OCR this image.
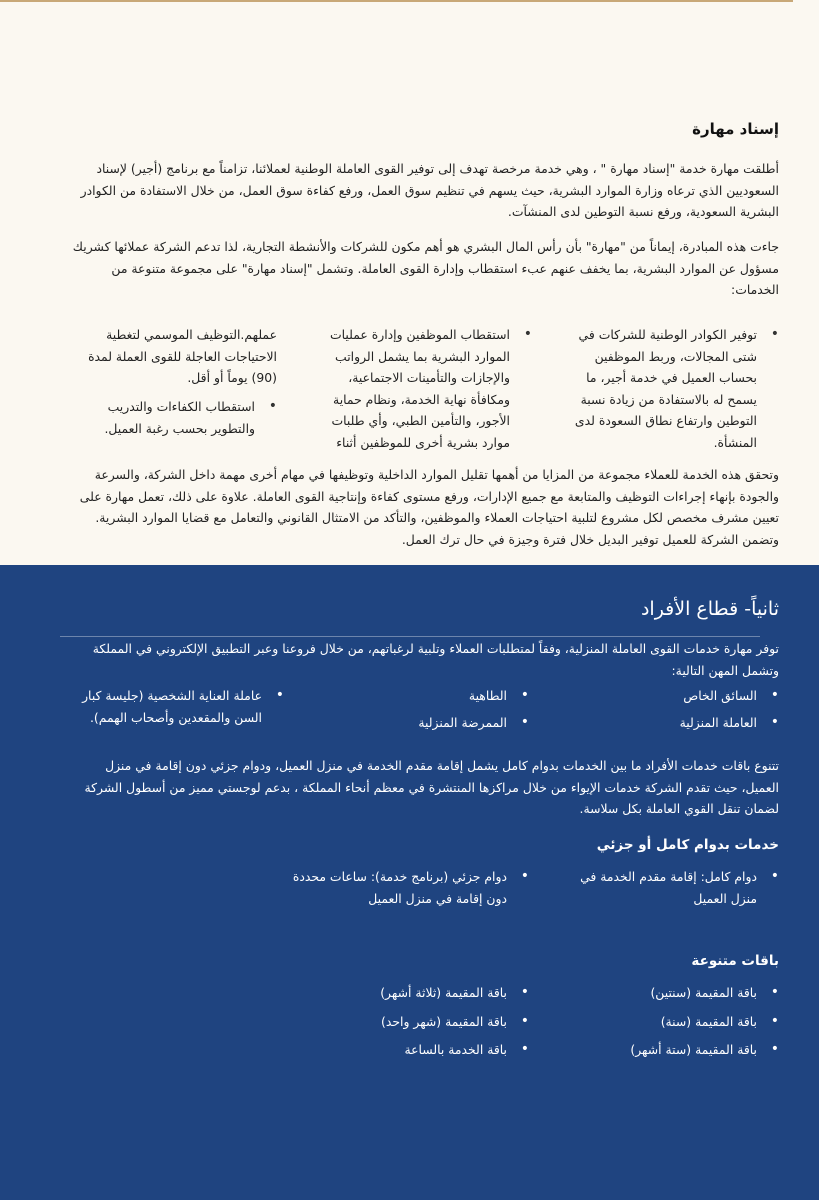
إسناد مهارة
أطلقت مهارة خدمة "إسناد مهارة " ، وهي خدمة مرخصة تهدف إلى توفير القوى العاملة الوطنية لعملائنا، تزامناً مع برنامج (أجير) لإسناد السعوديين الذي ترعاه وزارة الموارد البشرية، حيث يسهم في تنظيم سوق العمل، ورفع كفاءة سوق العمل، من خلال الاستفادة من الكوادر البشرية السعودية، ورفع نسبة التوطين لدى المنشآت.
جاءت هذه المبادرة، إيماناً من "مهارة" بأن رأس المال البشري هو أهم مكون للشركات والأنشطة التجارية، لذا تدعم الشركة عملائها كشريك مسؤول عن الموارد البشرية، بما يخفف عنهم عبء استقطاب وإدارة القوى العاملة. وتشمل "إسناد مهارة" على مجموعة متنوعة من الخدمات:
•
توفير الكوادر الوطنية للشركات في شتى المجالات، وربط الموظفين بحساب العميل في خدمة أجير، ما يسمح له بالاستفادة من زيادة نسبة التوطين وارتفاع نطاق السعودة لدى المنشأة.
•
استقطاب الموظفين وإدارة عمليات الموارد البشرية بما يشمل الرواتب والإجازات والتأمينات الاجتماعية، ومكافأة نهاية الخدمة، ونظام حماية الأجور، والتأمين الطبي، وأي طلبات موارد بشرية أخرى للموظفين أثناء
عملهم.التوظيف الموسمي لتغطية الاحتياجات العاجلة للقوى العملة لمدة (90) يوماً أو أقل.
•
استقطاب الكفاءات والتدريب والتطوير بحسب رغبة العميل.
وتحقق هذه الخدمة للعملاء مجموعة من المزايا من أهمها تقليل الموارد الداخلية وتوظيفها في مهام أخرى مهمة داخل الشركة، والسرعة والجودة بإنهاء إجراءات التوظيف والمتابعة مع جميع الإدارات، ورفع مستوى كفاءة وإنتاجية القوى العاملة. علاوة على ذلك، تعمل مهارة على تعيين مشرف مخصص لكل مشروع لتلبية احتياجات العملاء والموظفين، والتأكد من الامتثال القانوني والتعامل مع قضايا الموارد البشرية. وتضمن الشركة للعميل توفير البديل خلال فترة وجيزة في حال ترك العمل.
ثانياً- قطاع الأفراد
توفر مهارة خدمات القوى العاملة المنزلية، وفقاً لمتطلبات العملاء وتلبية لرغباتهم، من خلال فروعنا وعبر التطبيق الإلكتروني في المملكة وتشمل المهن التالية:
•
السائق الخاص
•
العاملة المنزلية
•
الطاهية
•
الممرضة المنزلية
•
عاملة العناية الشخصية (جليسة كبار السن والمقعدين وأصحاب الهمم).
تتنوع باقات خدمات الأفراد ما بين الخدمات بدوام كامل يشمل إقامة مقدم الخدمة في منزل العميل، ودوام جزئي دون إقامة في منزل العميل، حيث تقدم الشركة خدمات الإيواء من خلال مراكزها المنتشرة في معظم أنحاء المملكة ، بدعم لوجستي مميز من أسطول الشركة لضمان تنقل القوي العاملة بكل سلاسة.
خدمات بدوام كامل أو جزئي
•
دوام كامل: إقامة مقدم الخدمة في منزل العميل
•
دوام جزئي (برنامج خدمة): ساعات محددة دون إقامة في منزل العميل
باقات متنوعة
•
باقة المقيمة (سنتين)
•
باقة المقيمة (سنة)
•
باقة المقيمة (ستة أشهر)
•
باقة المقيمة (ثلاثة أشهر)
•
باقة المقيمة (شهر واحد)
•
باقة الخدمة بالساعة
